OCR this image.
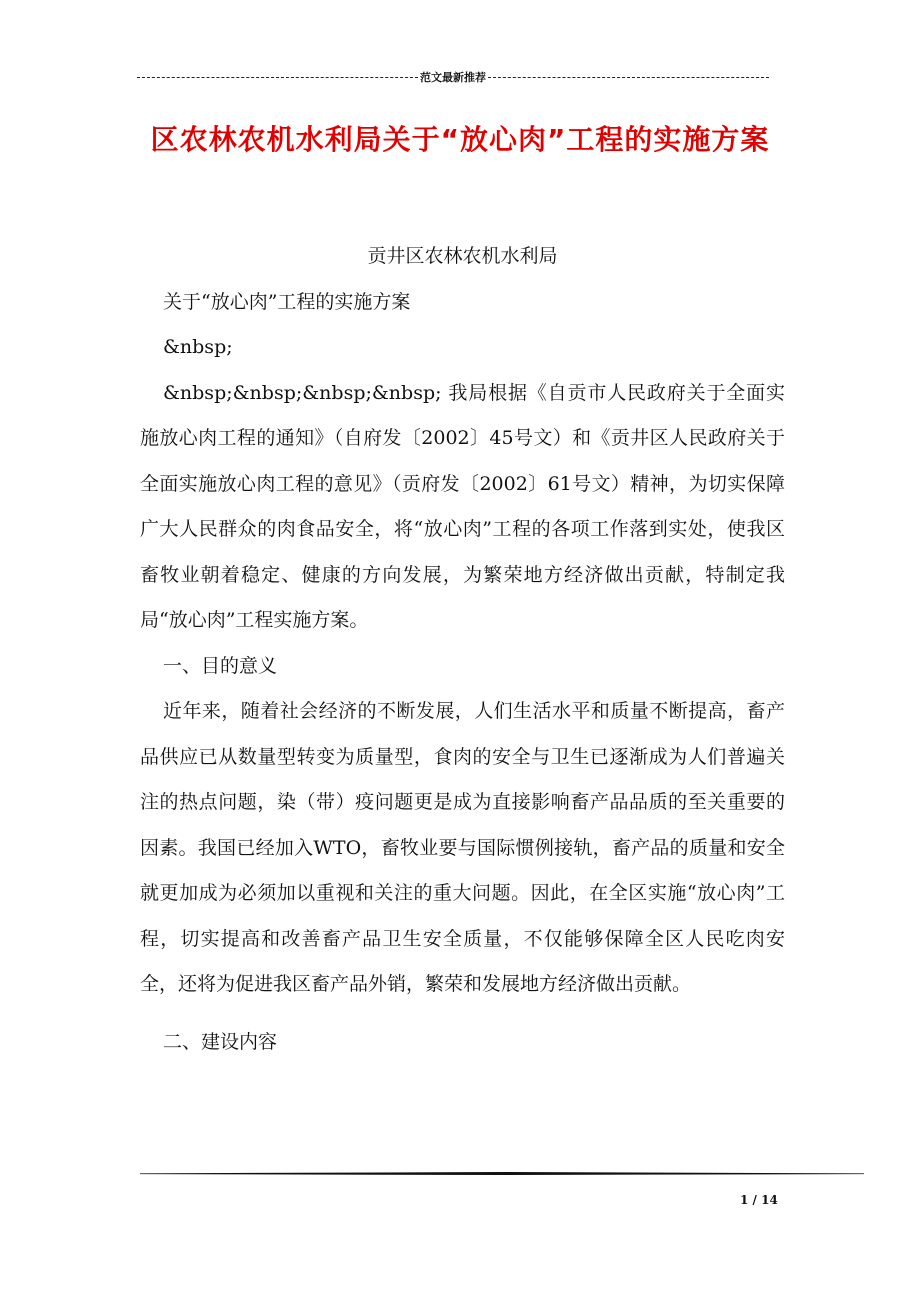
范文最新推荐
区农林农机水利局关于“放心肉”工程的实施方案

贡井区农林农机水利局

关于“放心肉”工程的实施方案

&nbsp;

&nbsp;&nbsp;&nbsp;&nbsp; 我局根据《自贡市人民政府关于全面实施放心肉工程的通知》（自府发〔2002〕45号文）和《贡井区人民政府关于全面实施放心肉工程的意见》（贡府发〔2002〕61号文）精神，为切实保障广大人民群众的肉食品安全，将“放心肉”工程的各项工作落到实处，使我区畜牧业朝着稳定、健康的方向发展，为繁荣地方经济做出贡献，特制定我局“放心肉”工程实施方案。

一、目的意义

近年来，随着社会经济的不断发展，人们生活水平和质量不断提高，畜产品供应已从数量型转变为质量型，食肉的安全与卫生已逐渐成为人们普遍关注的热点问题，染（带）疫问题更是成为直接影响畜产品品质的至关重要的因素。我国已经加入WTO，畜牧业要与国际惯例接轨，畜产品的质量和安全就更加成为必须加以重视和关注的重大问题。因此，在全区实施“放心肉”工程，切实提高和改善畜产品卫生安全质量，不仅能够保障全区人民吃肉安全，还将为促进我区畜产品外销，繁荣和发展地方经济做出贡献。

二、建设内容

1 / 14
